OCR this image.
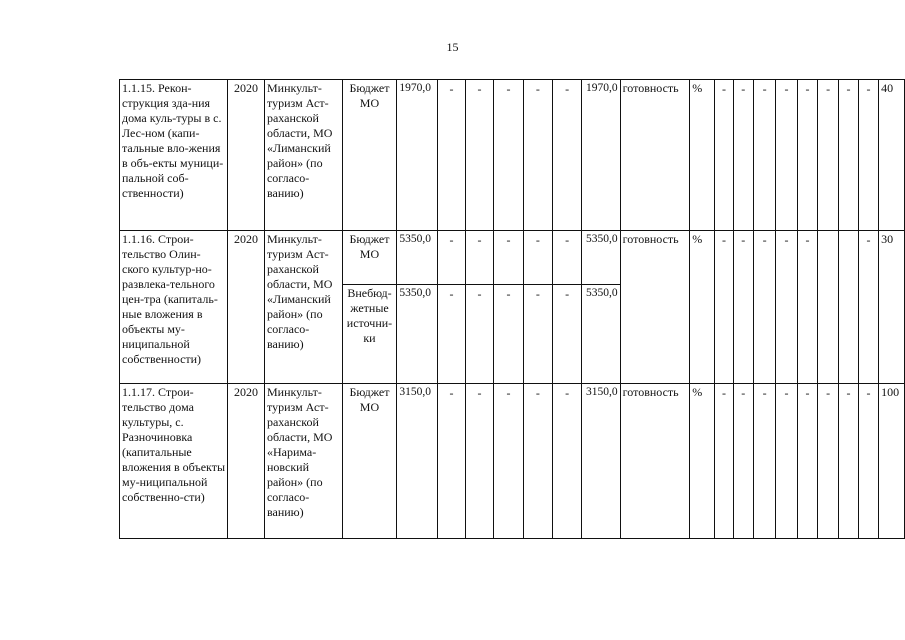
15
1.1.15. Рекон-струкция зда-ния дома куль-туры в с. Лес-ном (капи-тальные вло-жения в объ-екты муници-пальной соб-ственности)	2020	Минкульт-туризм Аст-раханской области, МО «Лиманский район» (по согласо-ванию)	Бюджет МО	1970,0	-	-	-	-	-	1970,0	готовность	%	-	-	-	-	-	-	-	-	40
1.1.16. Строи-тельство Олин-ского культур-но-развлека-тельного цен-тра (капиталь-ные вложения в объекты му-ниципальной собственности)	2020	Минкульт-туризм Аст-раханской области, МО «Лиманский район» (по согласо-ванию)	Бюджет МО	5350,0	-	-	-	-	-	5350,0	готовность	%	-	-	-	-	-			-	30
			Внебюд-жетные источни-ки	5350,0	-	-	-	-	-	5350,0											
1.1.17. Строи-тельство дома культуры, с. Разночиновка (капитальные вложения в объекты му-ниципальной собственно-сти)	2020	Минкульт-туризм Аст-раханской области, МО «Нарима-новский район» (по согласо-ванию)	Бюджет МО	3150,0	-	-	-	-	-	3150,0	готовность	%	-	-	-	-	-	-	-	-	100
